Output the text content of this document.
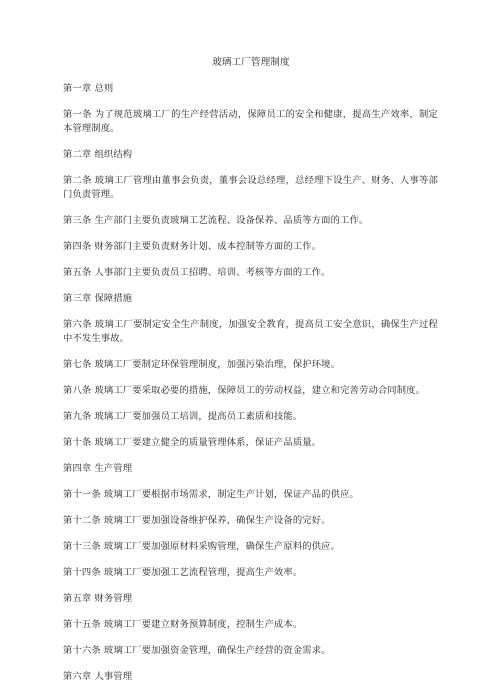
玻璃工厂管理制度

第一章 总则

第一条 为了规范玻璃工厂的生产经营活动，保障员工的安全和健康，提高生产效率，制定本管理制度。

第二章 组织结构

第二条 玻璃工厂管理由董事会负责，董事会设总经理，总经理下设生产、财务、人事等部门负责管理。

第三条 生产部门主要负责玻璃工艺流程、设备保养、品质等方面的工作。

第四条 财务部门主要负责财务计划、成本控制等方面的工作。

第五条 人事部门主要负责员工招聘、培训、考核等方面的工作。

第三章 保障措施

第六条 玻璃工厂要制定安全生产制度，加强安全教育，提高员工安全意识，确保生产过程中不发生事故。

第七条 玻璃工厂要制定环保管理制度，加强污染治理，保护环境。

第八条 玻璃工厂要采取必要的措施，保障员工的劳动权益，建立和完善劳动合同制度。

第九条 玻璃工厂要加强员工培训，提高员工素质和技能。

第十条 玻璃工厂要建立健全的质量管理体系，保证产品质量。

第四章 生产管理

第十一条 玻璃工厂要根据市场需求，制定生产计划，保证产品的供应。

第十二条 玻璃工厂要加强设备维护保养，确保生产设备的完好。

第十三条 玻璃工厂要加强原材料采购管理，确保生产原料的供应。

第十四条 玻璃工厂要加强工艺流程管理，提高生产效率。

第五章 财务管理

第十五条 玻璃工厂要建立财务预算制度，控制生产成本。

第十六条 玻璃工厂要加强资金管理，确保生产经营的资金需求。

第六章 人事管理
